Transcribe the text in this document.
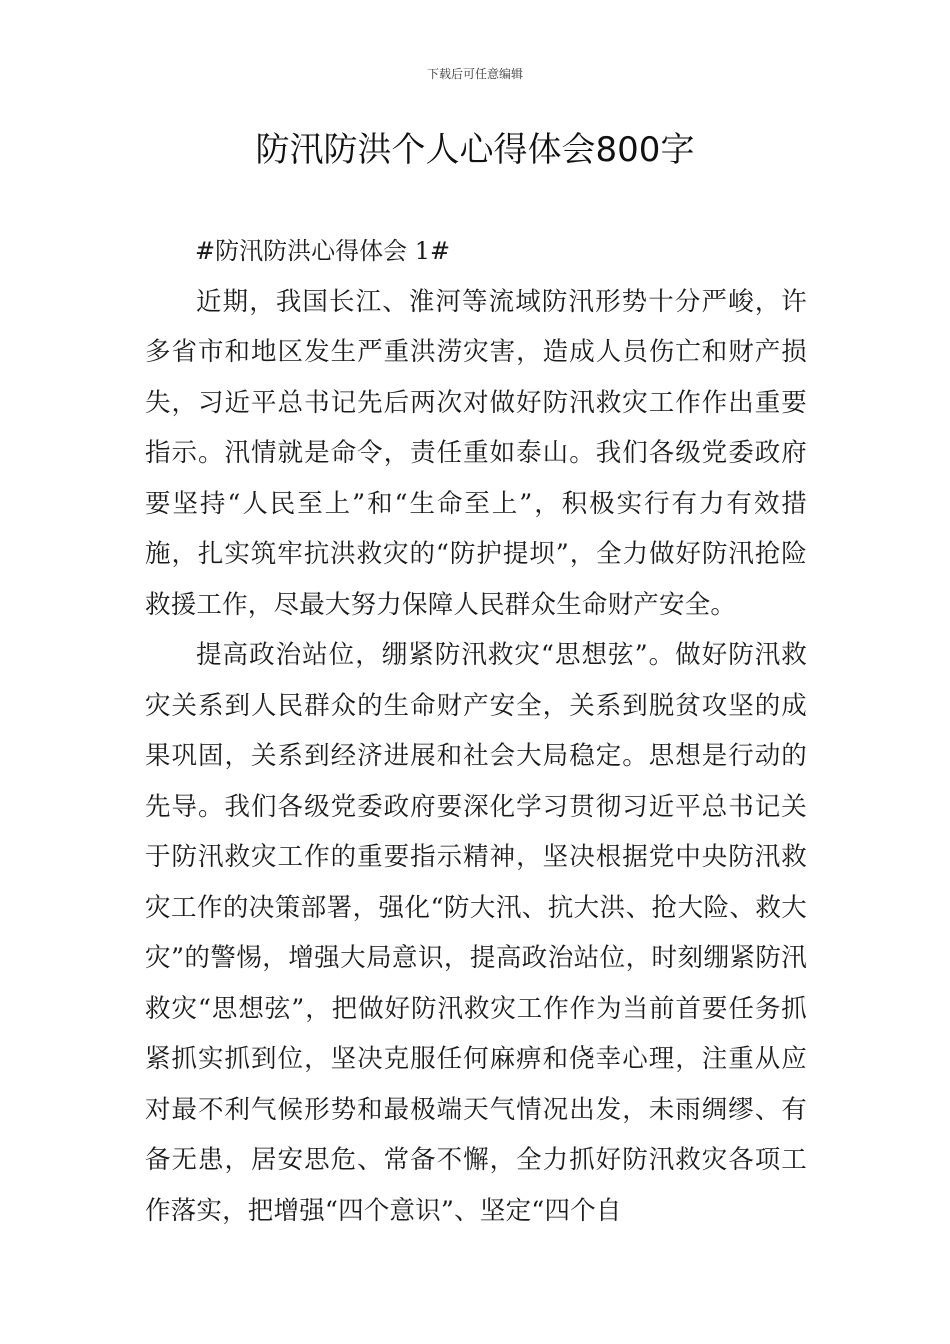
下载后可任意编辑
防汛防洪个人心得体会800字

#防汛防洪心得体会 1#

近期，我国长江、淮河等流域防汛形势十分严峻，许多省市和地区发生严重洪涝灾害，造成人员伤亡和财产损失，习近平总书记先后两次对做好防汛救灾工作作出重要指示。汛情就是命令，责任重如泰山。我们各级党委政府要坚持“人民至上”和“生命至上”，积极实行有力有效措施，扎实筑牢抗洪救灾的“防护提坝”，全力做好防汛抢险救援工作，尽最大努力保障人民群众生命财产安全。

提高政治站位，绷紧防汛救灾“思想弦”。做好防汛救灾关系到人民群众的生命财产安全，关系到脱贫攻坚的成果巩固，关系到经济进展和社会大局稳定。思想是行动的先导。我们各级党委政府要深化学习贯彻习近平总书记关于防汛救灾工作的重要指示精神，坚决根据党中央防汛救灾工作的决策部署，强化“防大汛、抗大洪、抢大险、救大灾”的警惕，增强大局意识，提高政治站位，时刻绷紧防汛救灾“思想弦”，把做好防汛救灾工作作为当前首要任务抓紧抓实抓到位，坚决克服任何麻痹和侥幸心理，注重从应对最不利气候形势和最极端天气情况出发，未雨绸缪、有备无患，居安思危、常备不懈，全力抓好防汛救灾各项工作落实，把增强“四个意识”、坚定“四个自
